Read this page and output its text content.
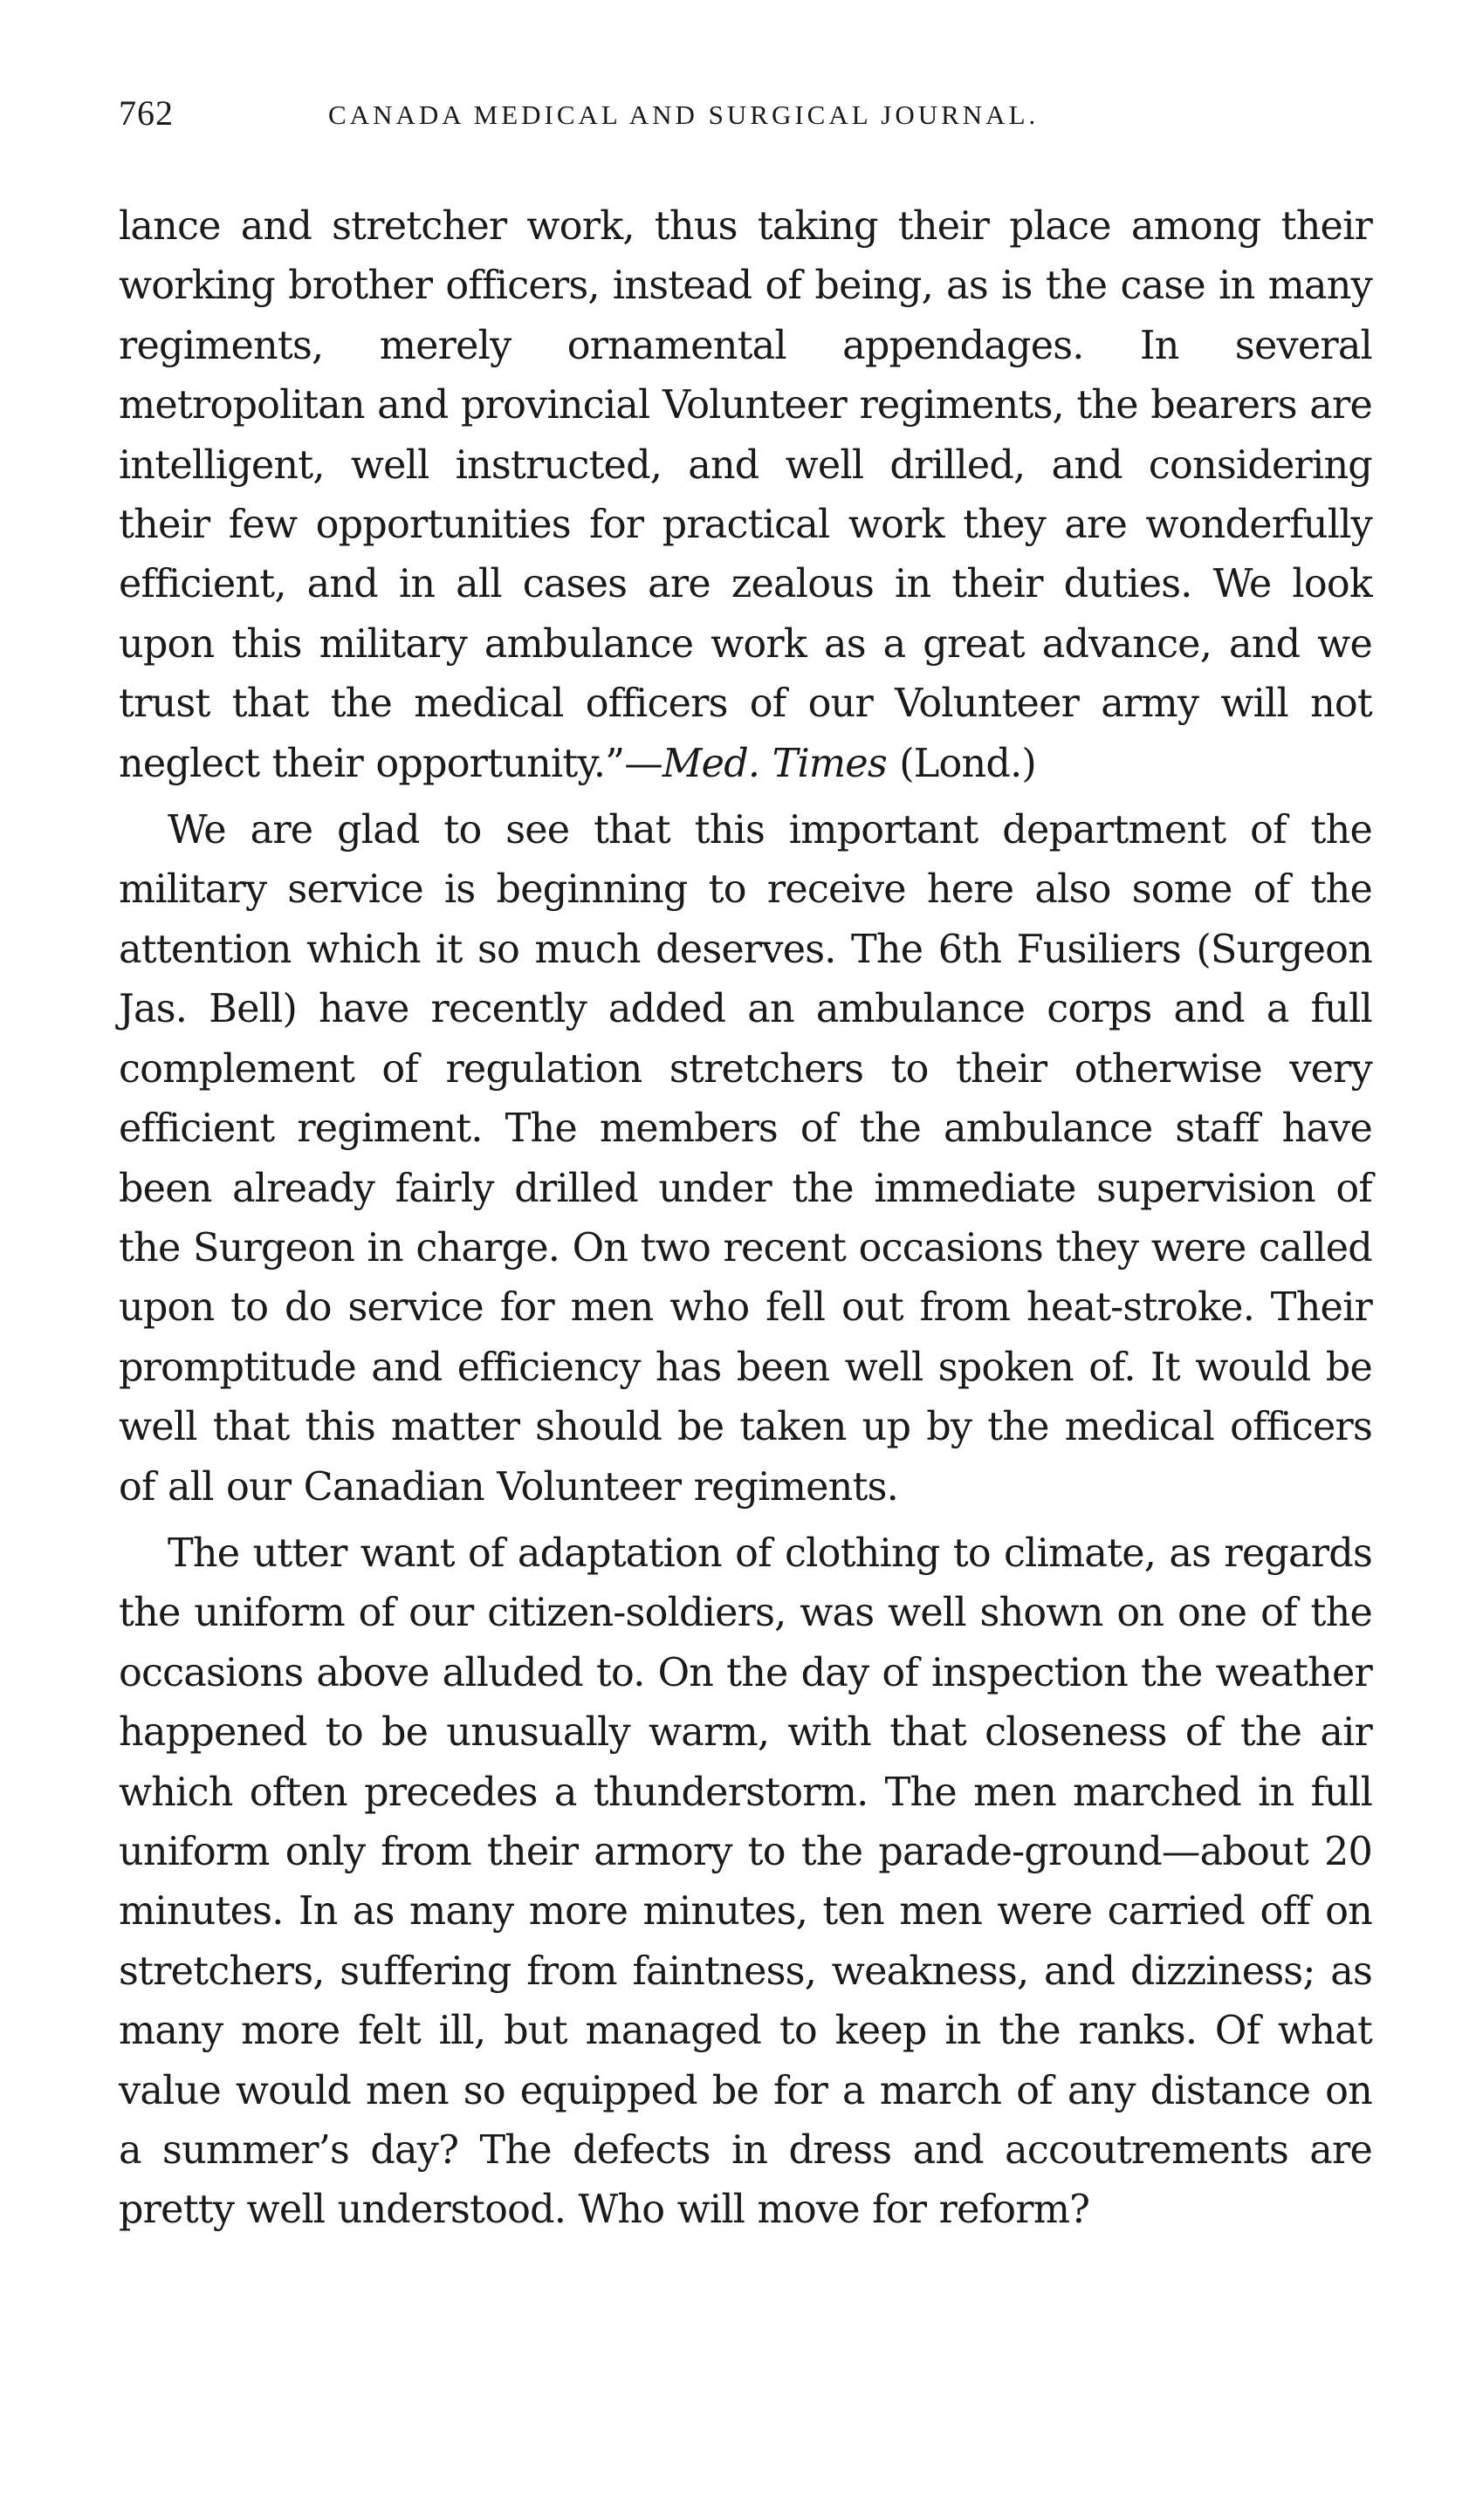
762	CANADA MEDICAL AND SURGICAL JOURNAL.

lance and stretcher work, thus taking their place among their working brother officers, instead of being, as is the case in many regiments, merely ornamental appendages. In several metropolitan and provincial Volunteer regiments, the bearers are intelligent, well instructed, and well drilled, and considering their few opportunities for practical work they are wonderfully efficient, and in all cases are zealous in their duties. We look upon this military ambulance work as a great advance, and we trust that the medical officers of our Volunteer army will not neglect their opportunity.”—Med. Times (Lond.)

We are glad to see that this important department of the military service is beginning to receive here also some of the attention which it so much deserves. The 6th Fusiliers (Surgeon Jas. Bell) have recently added an ambulance corps and a full complement of regulation stretchers to their otherwise very efficient regiment. The members of the ambulance staff have been already fairly drilled under the immediate supervision of the Surgeon in charge. On two recent occasions they were called upon to do service for men who fell out from heat-stroke. Their promptitude and efficiency has been well spoken of. It would be well that this matter should be taken up by the medical officers of all our Canadian Volunteer regiments.

The utter want of adaptation of clothing to climate, as regards the uniform of our citizen-soldiers, was well shown on one of the occasions above alluded to. On the day of inspection the weather happened to be unusually warm, with that closeness of the air which often precedes a thunderstorm. The men marched in full uniform only from their armory to the parade-ground—about 20 minutes. In as many more minutes, ten men were carried off on stretchers, suffering from faintness, weakness, and dizziness; as many more felt ill, but managed to keep in the ranks. Of what value would men so equipped be for a march of any distance on a summer’s day? The defects in dress and accoutrements are pretty well understood. Who will move for reform?
